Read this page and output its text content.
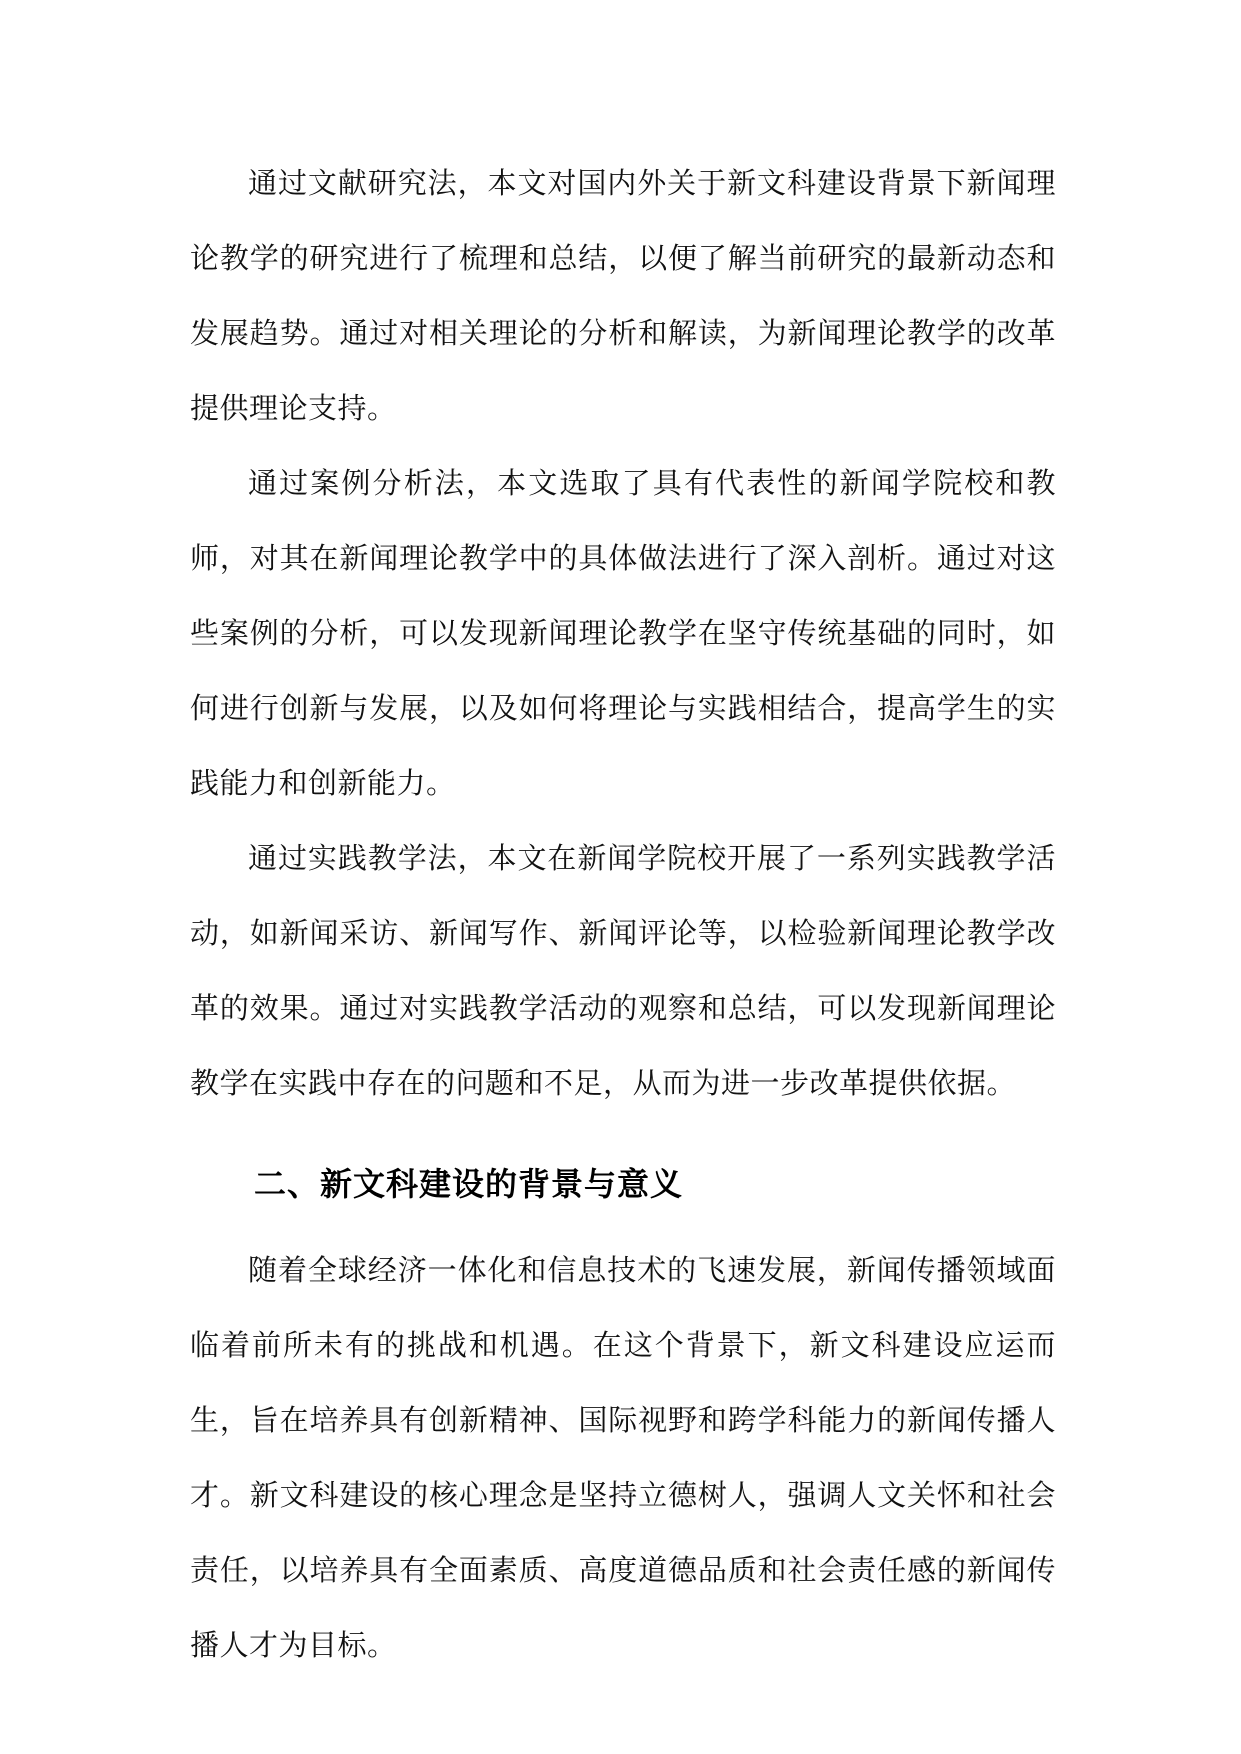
通过文献研究法，本文对国内外关于新文科建设背景下新闻理论教学的研究进行了梳理和总结，以便了解当前研究的最新动态和发展趋势。通过对相关理论的分析和解读，为新闻理论教学的改革提供理论支持。

通过案例分析法，本文选取了具有代表性的新闻学院校和教师，对其在新闻理论教学中的具体做法进行了深入剖析。通过对这些案例的分析，可以发现新闻理论教学在坚守传统基础的同时，如何进行创新与发展，以及如何将理论与实践相结合，提高学生的实践能力和创新能力。

通过实践教学法，本文在新闻学院校开展了一系列实践教学活动，如新闻采访、新闻写作、新闻评论等，以检验新闻理论教学改革的效果。通过对实践教学活动的观察和总结，可以发现新闻理论教学在实践中存在的问题和不足，从而为进一步改革提供依据。

二、新文科建设的背景与意义

随着全球经济一体化和信息技术的飞速发展，新闻传播领域面临着前所未有的挑战和机遇。在这个背景下，新文科建设应运而生，旨在培养具有创新精神、国际视野和跨学科能力的新闻传播人才。新文科建设的核心理念是坚持立德树人，强调人文关怀和社会责任，以培养具有全面素质、高度道德品质和社会责任感的新闻传播人才为目标。
